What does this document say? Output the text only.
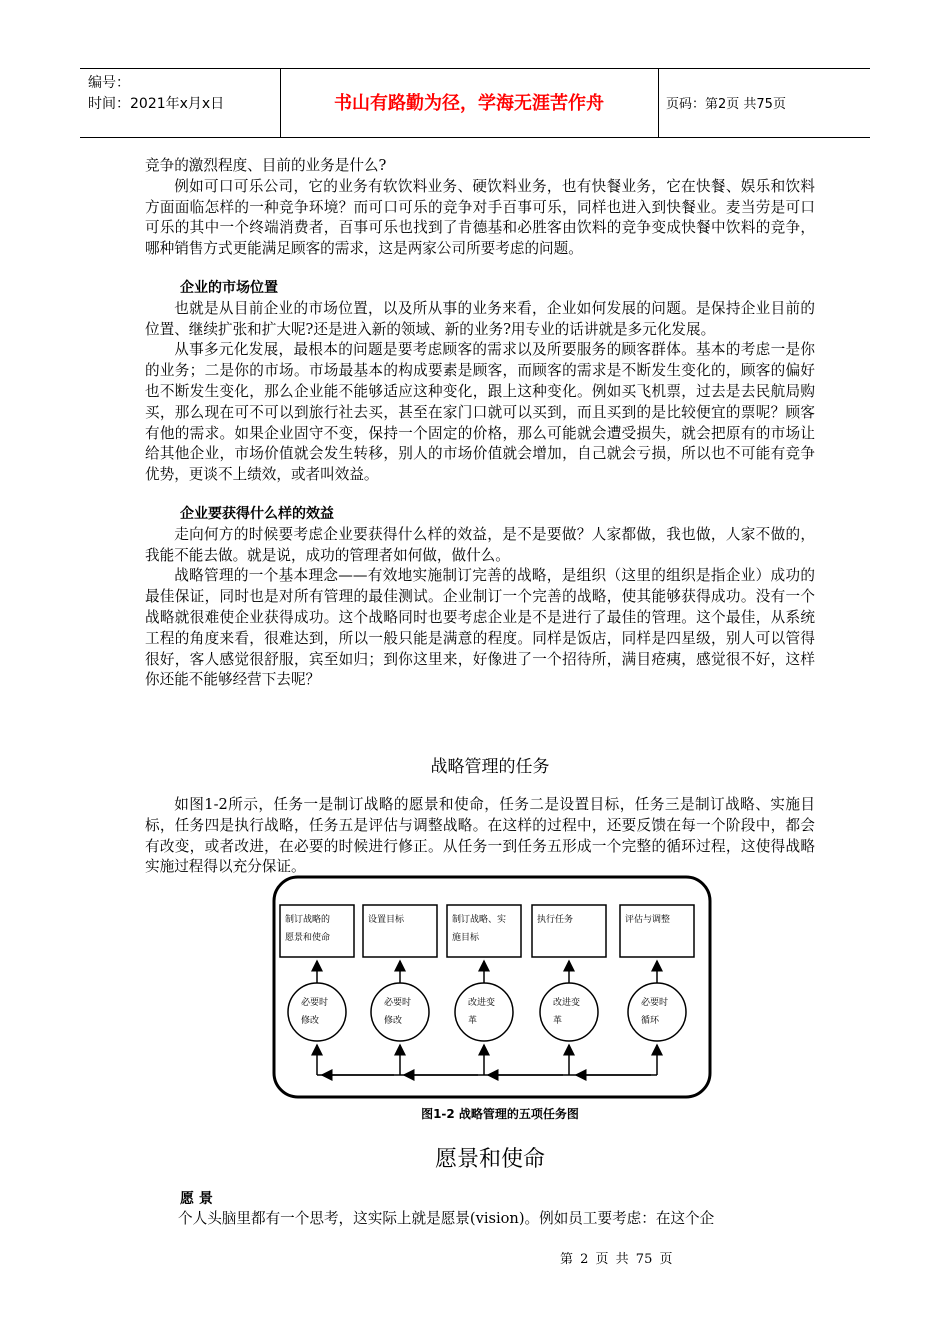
编号：
时间：2021年x月x日	书山有路勤为径，学海无涯苦作舟	页码：第2页 共75页

竞争的激烈程度、目前的业务是什么?

例如可口可乐公司，它的业务有软饮料业务、硬饮料业务，也有快餐业务，它在快餐、娱乐和饮料方面面临怎样的一种竞争环境？而可口可乐的竞争对手百事可乐，同样也进入到快餐业。麦当劳是可口可乐的其中一个终端消费者，百事可乐也找到了肯德基和必胜客由饮料的竞争变成快餐中饮料的竞争，哪种销售方式更能满足顾客的需求，这是两家公司所要考虑的问题。

企业的市场位置

也就是从目前企业的市场位置，以及所从事的业务来看，企业如何发展的问题。是保持企业目前的位置、继续扩张和扩大呢?还是进入新的领域、新的业务?用专业的话讲就是多元化发展。

从事多元化发展，最根本的问题是要考虑顾客的需求以及所要服务的顾客群体。基本的考虑一是你的业务；二是你的市场。市场最基本的构成要素是顾客，而顾客的需求是不断发生变化的，顾客的偏好也不断发生变化，那么企业能不能够适应这种变化，跟上这种变化。例如买飞机票，过去是去民航局购买，那么现在可不可以到旅行社去买，甚至在家门口就可以买到，而且买到的是比较便宜的票呢？顾客有他的需求。如果企业固守不变，保持一个固定的价格，那么可能就会遭受损失，就会把原有的市场让给其他企业，市场价值就会发生转移，别人的市场价值就会增加，自己就会亏损，所以也不可能有竞争优势，更谈不上绩效，或者叫效益。

企业要获得什么样的效益

走向何方的时候要考虑企业要获得什么样的效益，是不是要做？人家都做，我也做，人家不做的，我能不能去做。就是说，成功的管理者如何做，做什么。

战略管理的一个基本理念——有效地实施制订完善的战略，是组织（这里的组织是指企业）成功的最佳保证，同时也是对所有管理的最佳测试。企业制订一个完善的战略，使其能够获得成功。没有一个战略就很难使企业获得成功。这个战略同时也要考虑企业是不是进行了最佳的管理。这个最佳，从系统工程的角度来看，很难达到，所以一般只能是满意的程度。同样是饭店，同样是四星级，别人可以管得很好，客人感觉很舒服，宾至如归；到你这里来，好像进了一个招待所，满目疮痍，感觉很不好，这样你还能不能够经营下去呢？

战略管理的任务

如图1-2所示，任务一是制订战略的愿景和使命，任务二是设置目标，任务三是制订战略、实施目标，任务四是执行战略，任务五是评估与调整战略。在这样的过程中，还要反馈在每一个阶段中，都会有改变，或者改进，在必要的时候进行修正。从任务一到任务五形成一个完整的循环过程，这使得战略实施过程得以充分保证。

制订战略的
愿景和使命
设置目标	制订战略、实
施目标
执行任务	评估与调整
必要时
修改
必要时
修改
改进变
革
改进变
革
必要时
循环
图1-2 战略管理的五项任务图
愿景和使命
愿 景
个人头脑里都有一个思考，这实际上就是愿景(vision)。例如员工要考虑：在这个企
第 2 页 共 75 页
